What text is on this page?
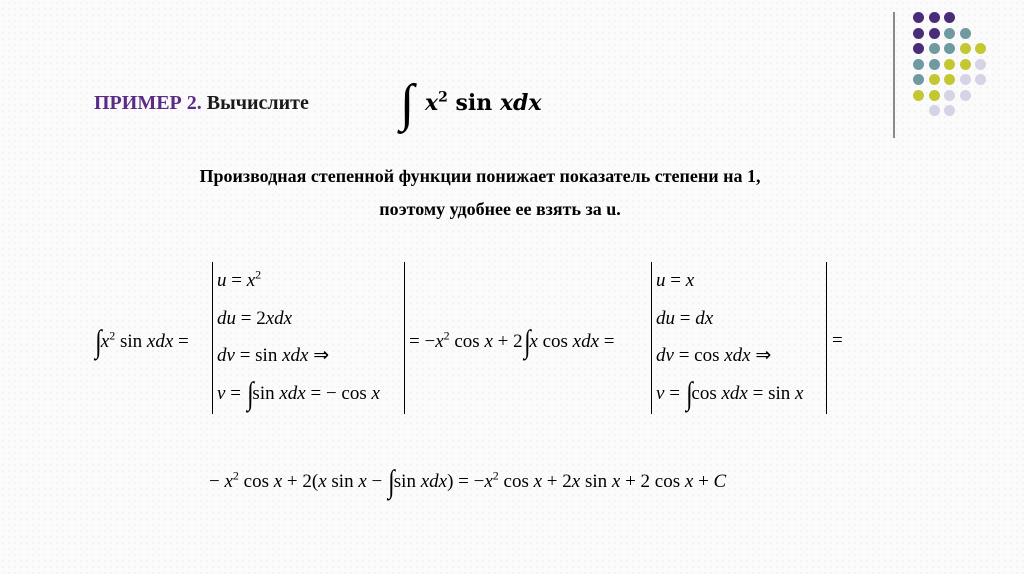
ПРИМЕР 2. Вычислите ∫ $x^2$ sin xdx
Производная степенной функции понижает показатель степени на 1,
поэтому удобнее ее взять за u.
$\int x^2$ sin xdx =
$u = x^2$
du = 2xdx
dv = sin xdx ⇒
v = ∫sin xdx = − cos x
= $-x^2$ cos x + 2∫x cos xdx =
u = x
du = dx
dv = cos xdx ⇒
v = ∫cos xdx = sin x
=
− $x^2$ cos x + 2(x sin x − ∫sin $xdx) = -x^2$ cos x + 2x sin x + 2 cos x + C
